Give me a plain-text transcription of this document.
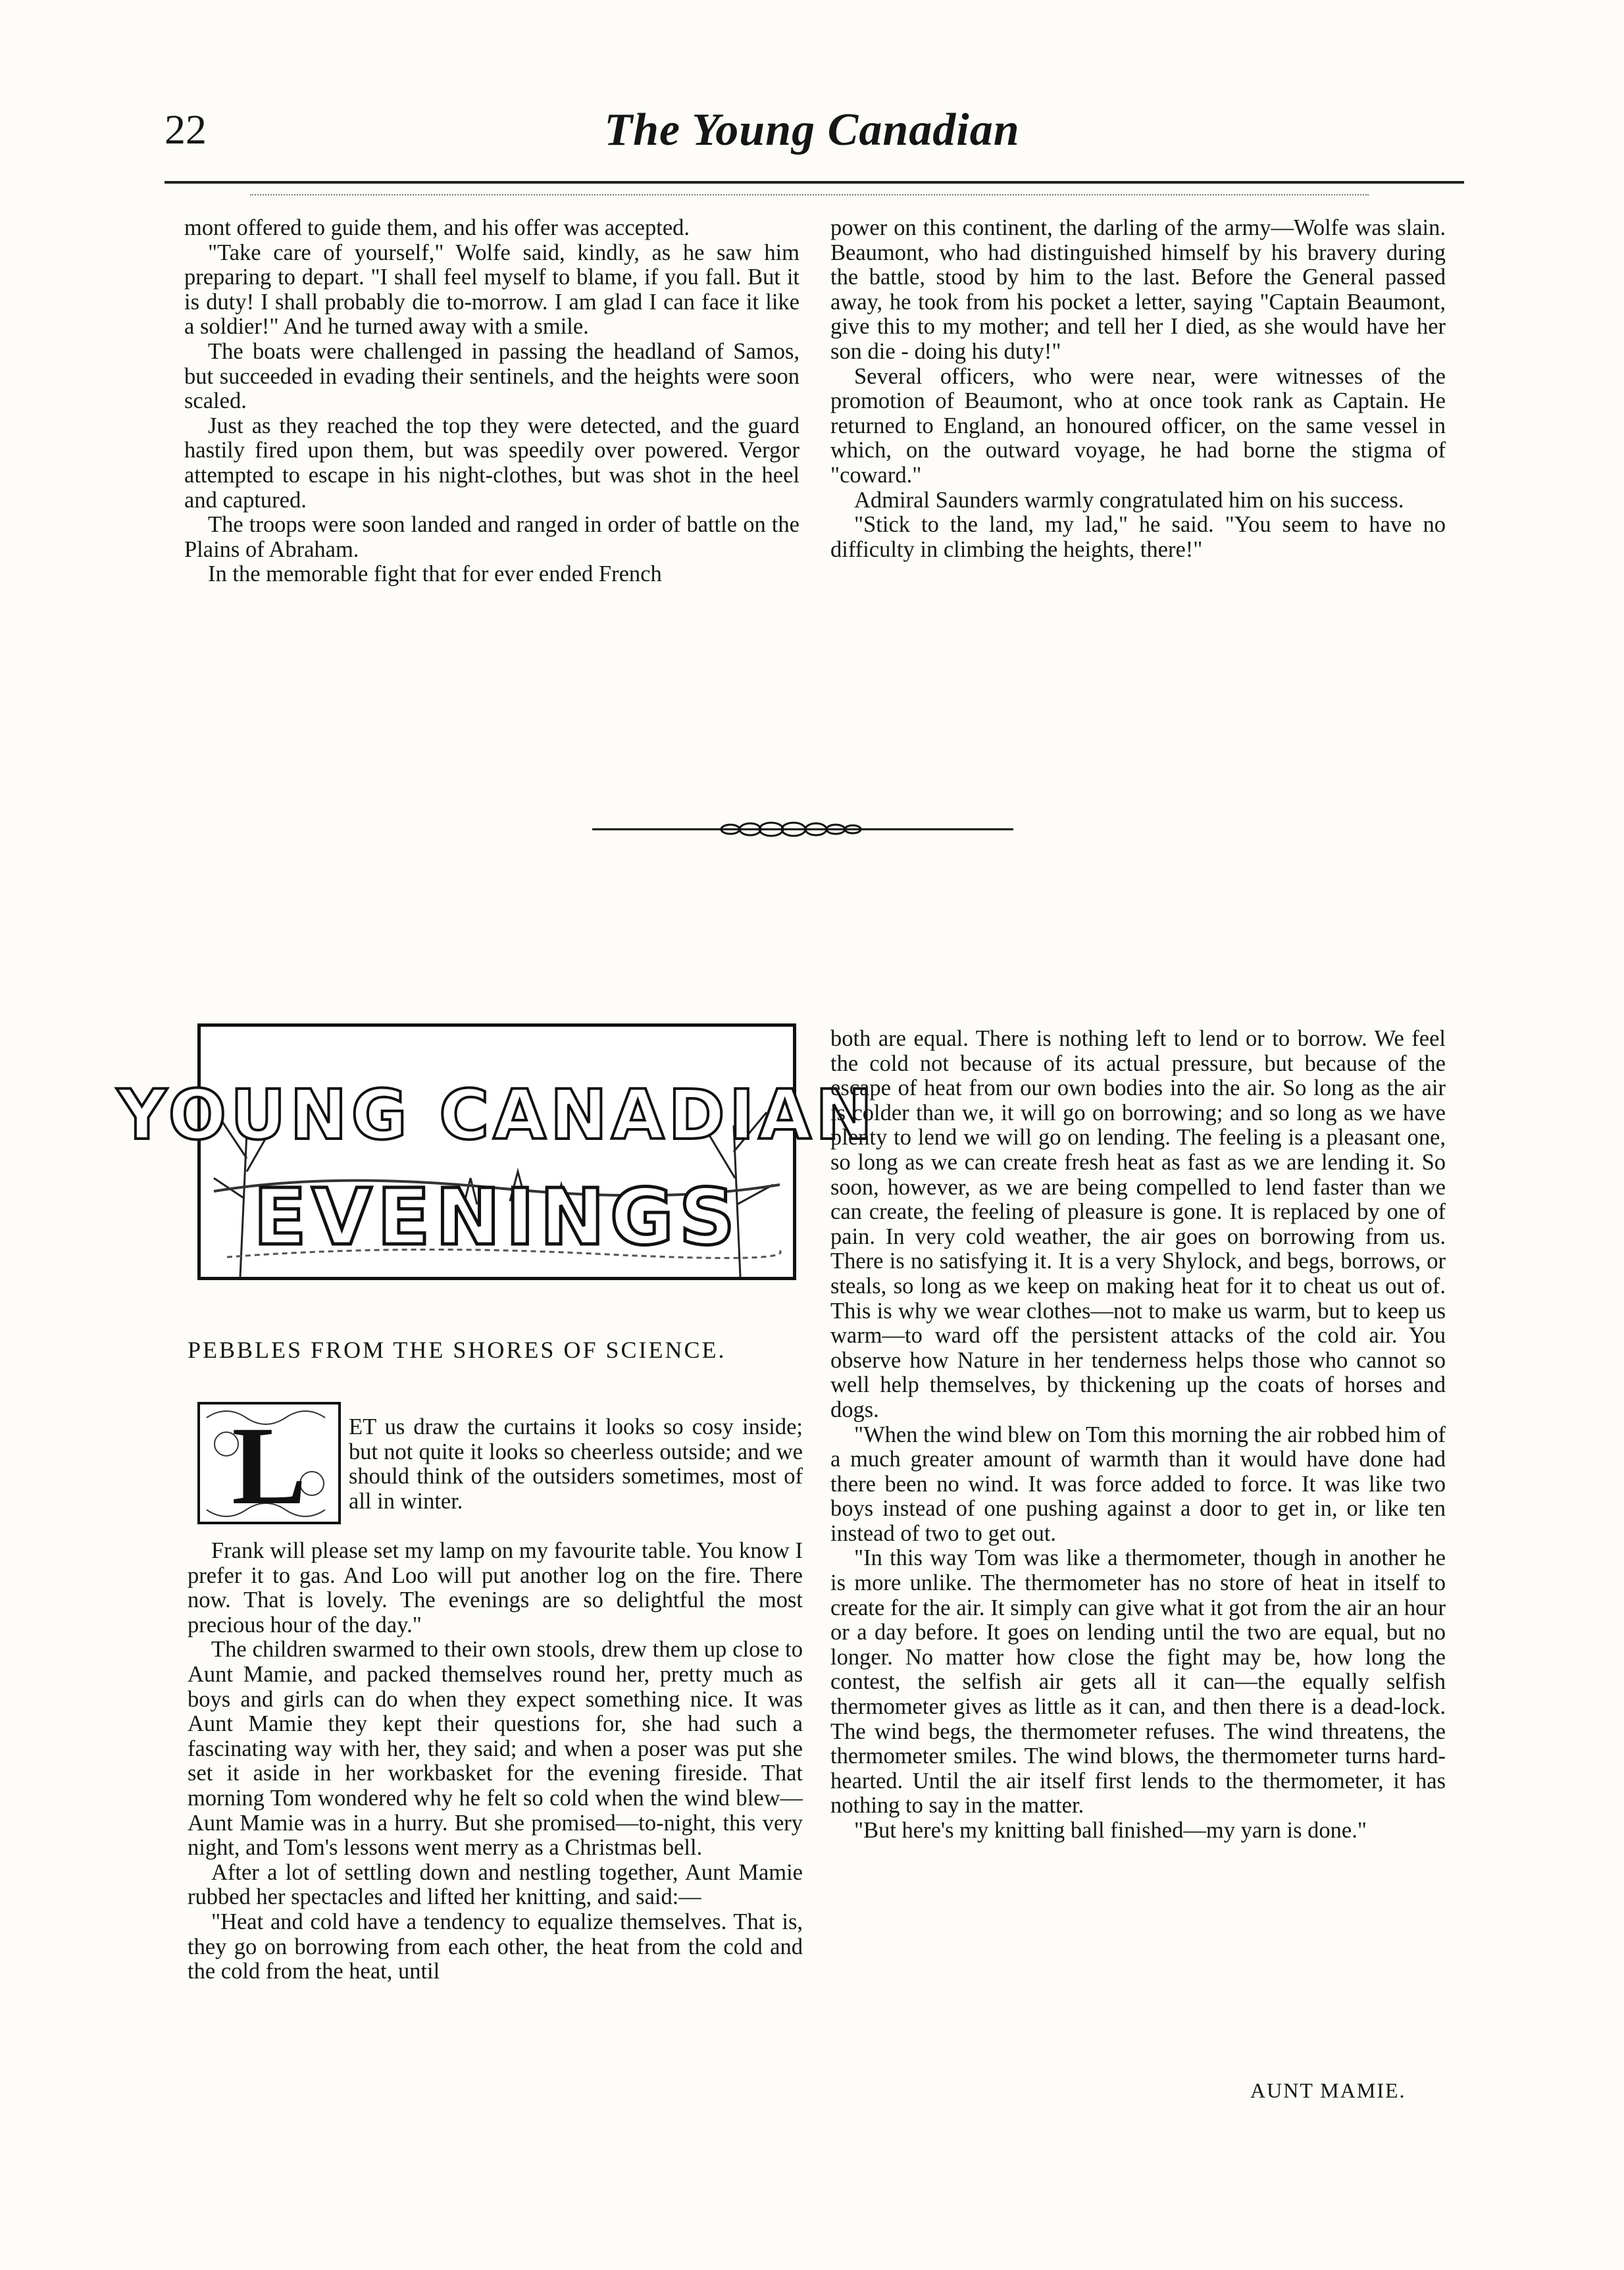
22	The Young Canadian

mont offered to guide them, and his offer was accepted.

"Take care of yourself," Wolfe said, kindly, as he saw him preparing to depart. "I shall feel myself to blame, if you fall. But it is duty! I shall probably die to-morrow. I am glad I can face it like a soldier!" And he turned away with a smile.

The boats were challenged in passing the headland of Samos, but succeeded in evading their sentinels, and the heights were soon scaled.

Just as they reached the top they were detected, and the guard hastily fired upon them, but was speedily over powered. Vergor attempted to escape in his night-clothes, but was shot in the heel and captured.

The troops were soon landed and ranged in order of battle on the Plains of Abraham.

In the memorable fight that for ever ended French

power on this continent, the darling of the army—Wolfe was slain. Beaumont, who had distinguished himself by his bravery during the battle, stood by him to the last. Before the General passed away, he took from his pocket a letter, saying "Captain Beaumont, give this to my mother; and tell her I died, as she would have her son die - doing his duty!"

Several officers, who were near, were witnesses of the promotion of Beaumont, who at once took rank as Captain. He returned to England, an honoured officer, on the same vessel in which, on the outward voyage, he had borne the stigma of "coward."

Admiral Saunders warmly congratulated him on his success.

"Stick to the land, my lad," he said. "You seem to have no difficulty in climbing the heights, there!"

YOUNG CANADIAN
EVENINGS
PEBBLES FROM THE SHORES OF SCIENCE.
L ET us draw the curtains it looks so cosy inside; but not quite it looks so cheerless outside; and we should think of the outsiders sometimes, most of all in winter.

Frank will please set my lamp on my favourite table. You know I prefer it to gas. And Loo will put another log on the fire. There now. That is lovely. The evenings are so delightful the most precious hour of the day."

The children swarmed to their own stools, drew them up close to Aunt Mamie, and packed themselves round her, pretty much as boys and girls can do when they expect something nice. It was Aunt Mamie they kept their questions for, she had such a fascinating way with her, they said; and when a poser was put she set it aside in her workbasket for the evening fireside. That morning Tom wondered why he felt so cold when the wind blew—Aunt Mamie was in a hurry. But she promised—to-night, this very night, and Tom's lessons went merry as a Christmas bell.

After a lot of settling down and nestling together, Aunt Mamie rubbed her spectacles and lifted her knitting, and said:—

"Heat and cold have a tendency to equalize themselves. That is, they go on borrowing from each other, the heat from the cold and the cold from the heat, until

both are equal. There is nothing left to lend or to borrow. We feel the cold not because of its actual pressure, but because of the escape of heat from our own bodies into the air. So long as the air is colder than we, it will go on borrowing; and so long as we have plenty to lend we will go on lending. The feeling is a pleasant one, so long as we can create fresh heat as fast as we are lending it. So soon, however, as we are being compelled to lend faster than we can create, the feeling of pleasure is gone. It is replaced by one of pain. In very cold weather, the air goes on borrowing from us. There is no satisfying it. It is a very Shylock, and begs, borrows, or steals, so long as we keep on making heat for it to cheat us out of. This is why we wear clothes—not to make us warm, but to keep us warm—to ward off the persistent attacks of the cold air. You observe how Nature in her tenderness helps those who cannot so well help themselves, by thickening up the coats of horses and dogs.

"When the wind blew on Tom this morning the air robbed him of a much greater amount of warmth than it would have done had there been no wind. It was force added to force. It was like two boys instead of one pushing against a door to get in, or like ten instead of two to get out.

"In this way Tom was like a thermometer, though in another he is more unlike. The thermometer has no store of heat in itself to create for the air. It simply can give what it got from the air an hour or a day before. It goes on lending until the two are equal, but no longer. No matter how close the fight may be, how long the contest, the selfish air gets all it can—the equally selfish thermometer gives as little as it can, and then there is a dead-lock. The wind begs, the thermometer refuses. The wind threatens, the thermometer smiles. The wind blows, the thermometer turns hard-hearted. Until the air itself first lends to the thermometer, it has nothing to say in the matter.

"But here's my knitting ball finished—my yarn is done."

AUNT MAMIE.
